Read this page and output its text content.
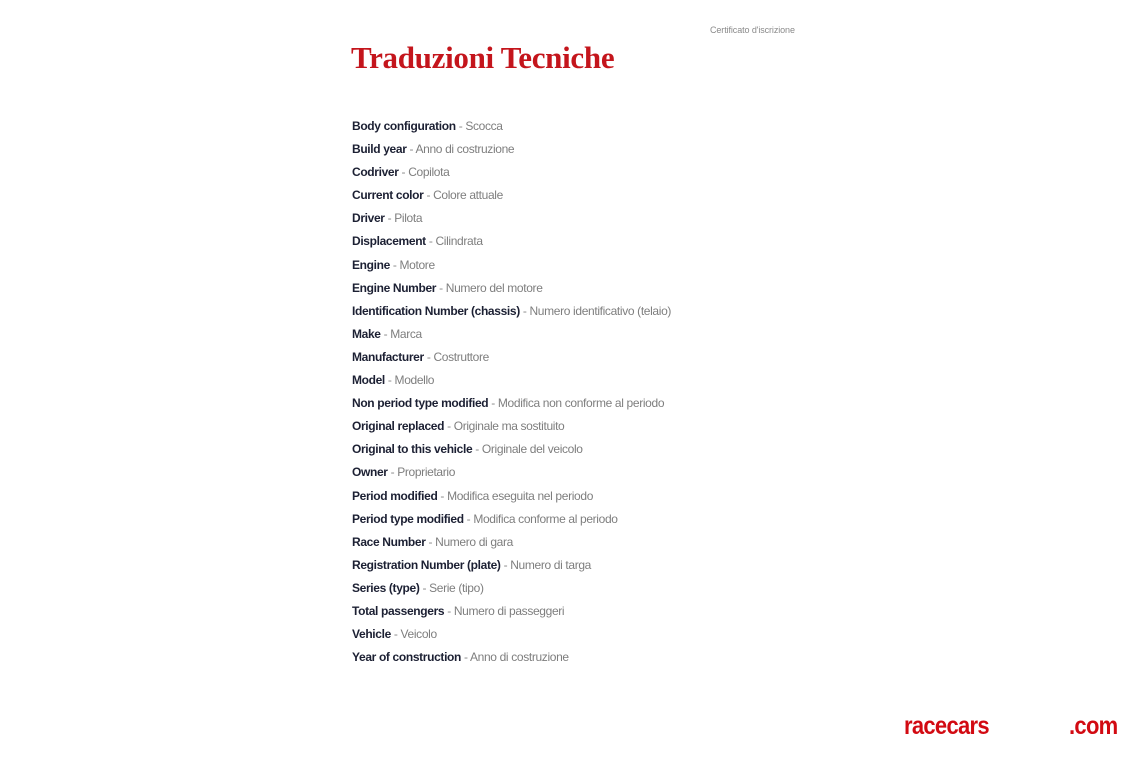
Certificato d'iscrizione
Traduzioni Tecniche
Body configuration - Scocca
Build year - Anno di costruzione
Codriver - Copilota
Current color - Colore attuale
Driver - Pilota
Displacement - Cilindrata
Engine - Motore
Engine Number - Numero del motore
Identification Number (chassis) - Numero identificativo (telaio)
Make - Marca
Manufacturer - Costruttore
Model - Modello
Non period type modified - Modifica non conforme al periodo
Original replaced - Originale ma sostituito
Original to this vehicle - Originale del veicolo
Owner - Proprietario
Period modified - Modifica eseguita nel periodo
Period type modified - Modifica conforme al periodo
Race Number - Numero di gara
Registration Number (plate) - Numero di targa
Series (type) - Serie (tipo)
Total passengers - Numero di passeggeri
Vehicle - Veicolo
Year of construction - Anno di costruzione
racecars	.com
